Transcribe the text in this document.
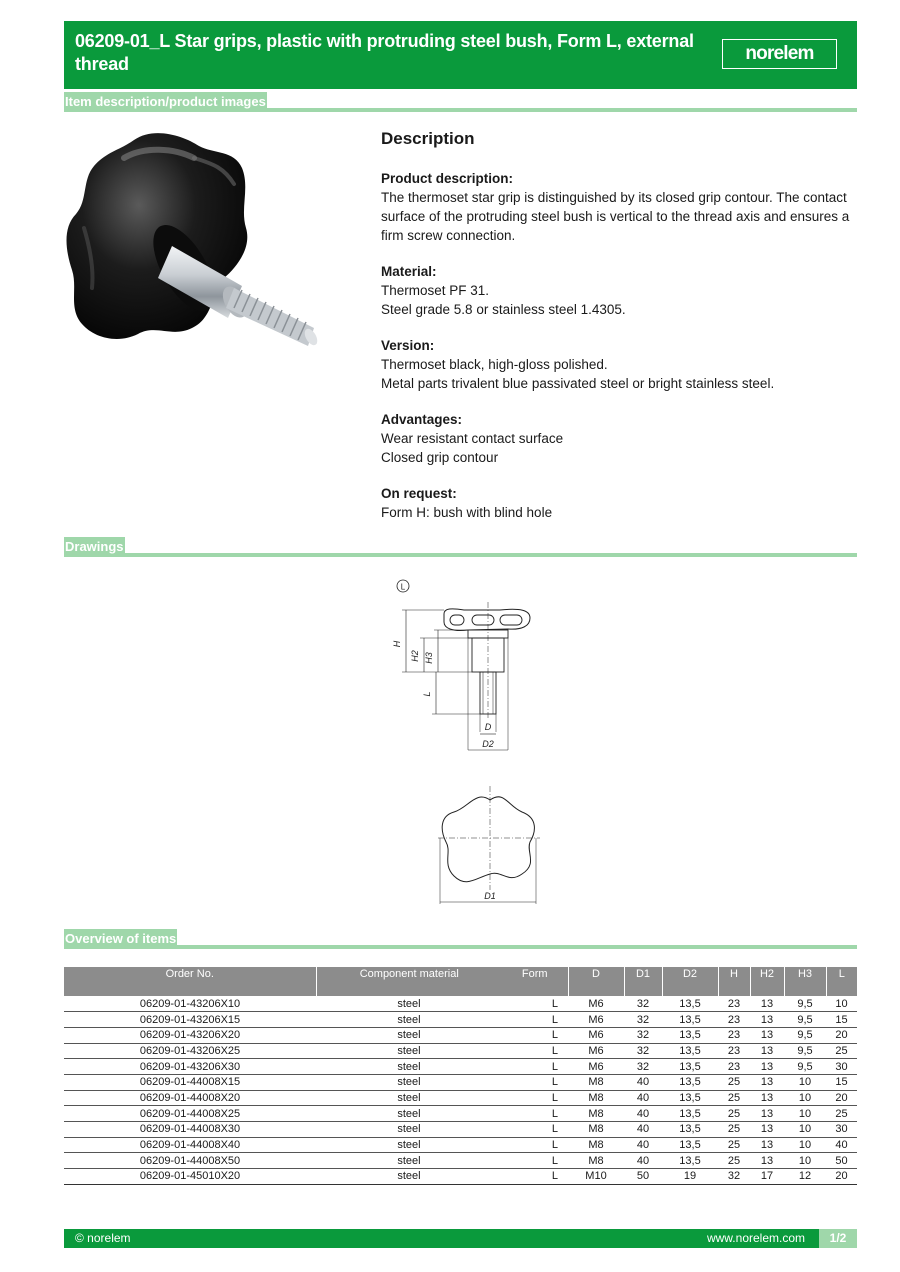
06209-01_L Star grips, plastic with protruding steel bush, Form L, external thread	norelem
Item description/product images
Description
Product description:
The thermoset star grip is distinguished by its closed grip contour. The contact surface of the protruding steel bush is vertical to the thread axis and ensures a firm screw connection.
Material:
Thermoset PF 31.
Steel grade 5.8 or stainless steel 1.4305.
Version:
Thermoset black, high-gloss polished.
Metal parts trivalent blue passivated steel or bright stainless steel.
Advantages:
Wear resistant contact surface
Closed grip contour
On request:
Form H: bush with blind hole
Drawings
L
H
H2 H3
L
D
D2
D1
Overview of items
Order No.	Component material	Form	D	D1	D2	H	H2	H3	L
06209-01-43206X10	steel	L	M6	32	13,5	23	13	9,5	10
06209-01-43206X15	steel	L	M6	32	13,5	23	13	9,5	15
06209-01-43206X20	steel	L	M6	32	13,5	23	13	9,5	20
06209-01-43206X25	steel	L	M6	32	13,5	23	13	9,5	25
06209-01-43206X30	steel	L	M6	32	13,5	23	13	9,5	30
06209-01-44008X15	steel	L	M8	40	13,5	25	13	10	15
06209-01-44008X20	steel	L	M8	40	13,5	25	13	10	20
06209-01-44008X25	steel	L	M8	40	13,5	25	13	10	25
06209-01-44008X30	steel	L	M8	40	13,5	25	13	10	30
06209-01-44008X40	steel	L	M8	40	13,5	25	13	10	40
06209-01-44008X50	steel	L	M8	40	13,5	25	13	10	50
06209-01-45010X20	steel	L	M10	50	19	32	17	12	20
© norelem	www.norelem.com	1/2
